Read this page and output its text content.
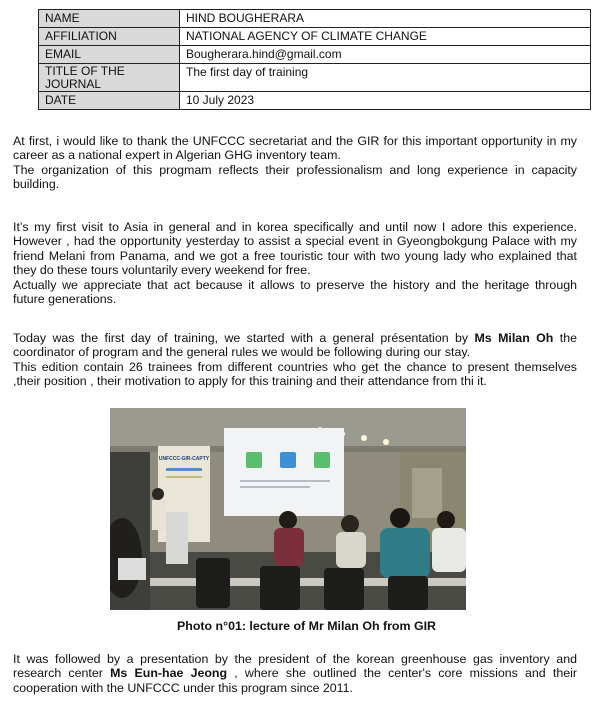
NAME	HIND BOUGHERARA
AFFILIATION	NATIONAL AGENCY OF CLIMATE CHANGE
EMAIL	Bougherara.hind@gmail.com

TITLE OF THE
JOURNAL	The first day of training
DATE	10 July 2023

At first, i would like to thank the UNFCCC secretariat and the GIR for this important opportunity in my career as a national expert in Algerian GHG inventory team.

The organization of this progmam reflects their professionalism and long experience in capacity building.

It’s my first visit to Asia in general and in korea specifically and until now I adore this experience. However , had the opportunity yesterday to assist a special event in Gyeongbokgung Palace with my friend Melani from Panama, and we got a free touristic tour with two young lady who explained that they do these tours voluntarily every weekend for free.

Actually we appreciate that act because it allows to preserve the history and the heritage through future generations.

Today was the first day of training, we started with a general présentation by Ms Milan Oh the coordinator of program and the general rules we would be following during our stay.

This edition contain 26 trainees from different countries who get the chance to present themselves ,their position , their motivation to apply for this training and their attendance from thi it.

UNFCCC-GIR-CAPTY
Photo n°01: lecture of Mr Milan Oh from GIR

It was followed by a presentation by the president of the korean greenhouse gas inventory and research center Ms Eun-hae Jeong , where she outlined the center's core missions and their cooperation with the UNFCCC under this program since 2011.
